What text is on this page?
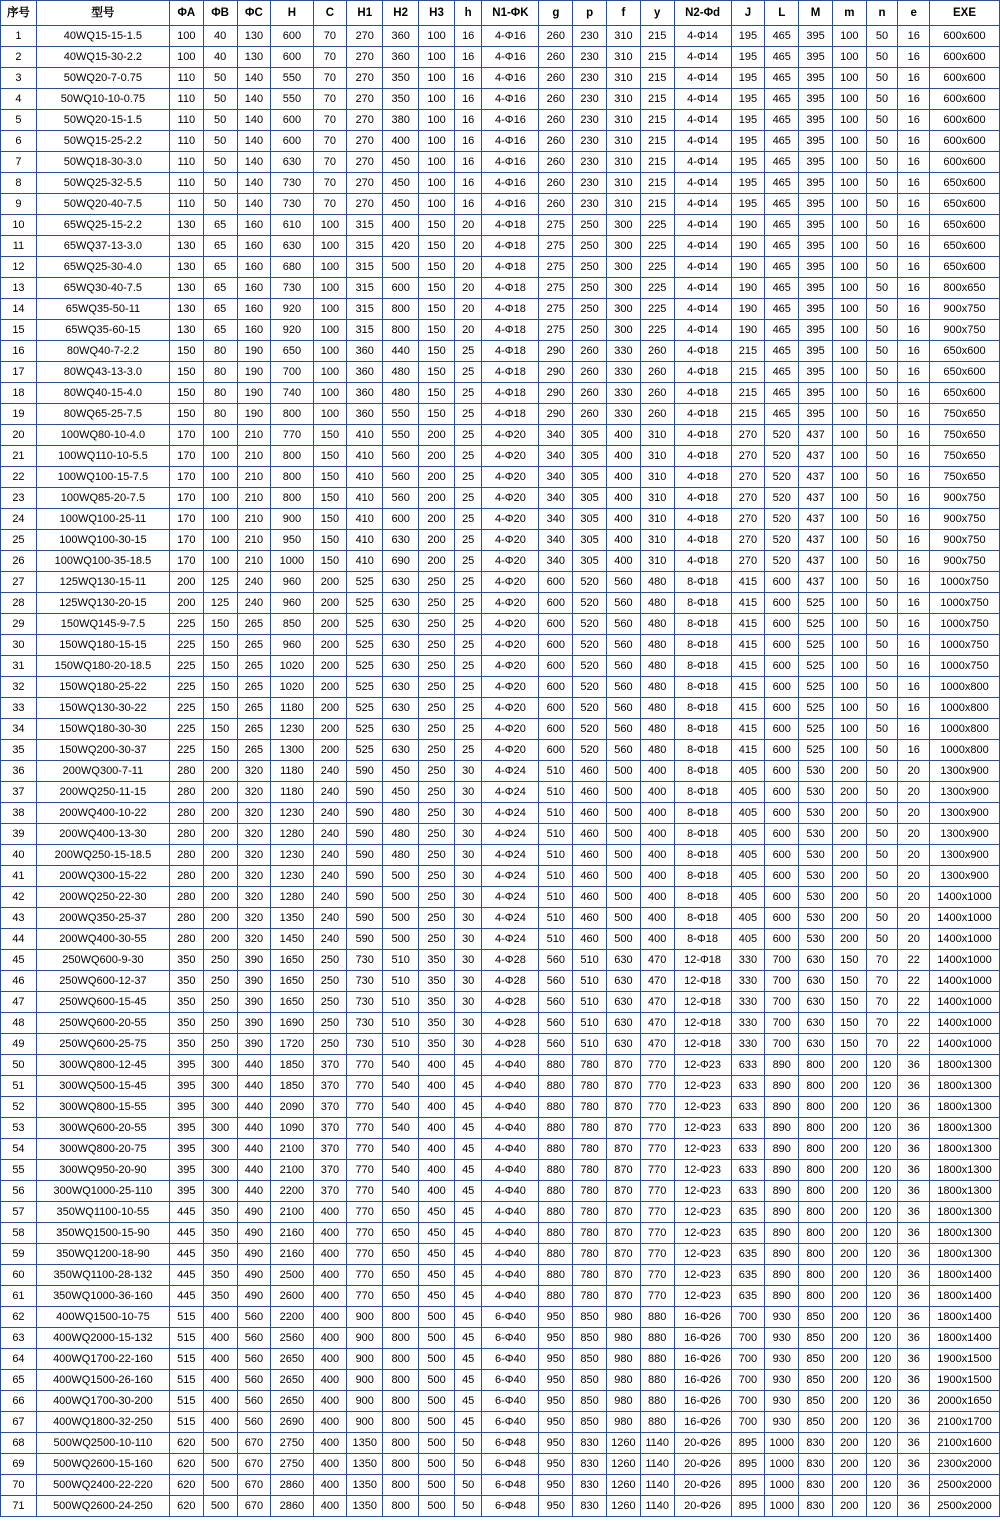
序号	型号	ΦA	ΦB	ΦC	H	C	H1	H2	H3	h	N1-ΦK	g	p	f	y	N2-Φd	J	L	M	m	n	e	EXE
1	40WQ15-15-1.5	100	40	130	600	70	270	360	100	16	4-Φ16	260	230	310	215	4-Φ14	195	465	395	100	50	16	600x600
2	40WQ15-30-2.2	100	40	130	600	70	270	360	100	16	4-Φ16	260	230	310	215	4-Φ14	195	465	395	100	50	16	600x600
3	50WQ20-7-0.75	110	50	140	550	70	270	350	100	16	4-Φ16	260	230	310	215	4-Φ14	195	465	395	100	50	16	600x600
4	50WQ10-10-0.75	110	50	140	550	70	270	350	100	16	4-Φ16	260	230	310	215	4-Φ14	195	465	395	100	50	16	600x600
5	50WQ20-15-1.5	110	50	140	600	70	270	380	100	16	4-Φ16	260	230	310	215	4-Φ14	195	465	395	100	50	16	600x600
6	50WQ15-25-2.2	110	50	140	600	70	270	400	100	16	4-Φ16	260	230	310	215	4-Φ14	195	465	395	100	50	16	600x600
7	50WQ18-30-3.0	110	50	140	630	70	270	450	100	16	4-Φ16	260	230	310	215	4-Φ14	195	465	395	100	50	16	600x600
8	50WQ25-32-5.5	110	50	140	730	70	270	450	100	16	4-Φ16	260	230	310	215	4-Φ14	195	465	395	100	50	16	650x600
9	50WQ20-40-7.5	110	50	140	730	70	270	450	100	16	4-Φ16	260	230	310	215	4-Φ14	195	465	395	100	50	16	650x600
10	65WQ25-15-2.2	130	65	160	610	100	315	400	150	20	4-Φ18	275	250	300	225	4-Φ14	190	465	395	100	50	16	650x600
11	65WQ37-13-3.0	130	65	160	630	100	315	420	150	20	4-Φ18	275	250	300	225	4-Φ14	190	465	395	100	50	16	650x600
12	65WQ25-30-4.0	130	65	160	680	100	315	500	150	20	4-Φ18	275	250	300	225	4-Φ14	190	465	395	100	50	16	650x600
13	65WQ30-40-7.5	130	65	160	730	100	315	600	150	20	4-Φ18	275	250	300	225	4-Φ14	190	465	395	100	50	16	800x650
14	65WQ35-50-11	130	65	160	920	100	315	800	150	20	4-Φ18	275	250	300	225	4-Φ14	190	465	395	100	50	16	900x750
15	65WQ35-60-15	130	65	160	920	100	315	800	150	20	4-Φ18	275	250	300	225	4-Φ14	190	465	395	100	50	16	900x750
16	80WQ40-7-2.2	150	80	190	650	100	360	440	150	25	4-Φ18	290	260	330	260	4-Φ18	215	465	395	100	50	16	650x600
17	80WQ43-13-3.0	150	80	190	700	100	360	480	150	25	4-Φ18	290	260	330	260	4-Φ18	215	465	395	100	50	16	650x600
18	80WQ40-15-4.0	150	80	190	740	100	360	480	150	25	4-Φ18	290	260	330	260	4-Φ18	215	465	395	100	50	16	650x600
19	80WQ65-25-7.5	150	80	190	800	100	360	550	150	25	4-Φ18	290	260	330	260	4-Φ18	215	465	395	100	50	16	750x650
20	100WQ80-10-4.0	170	100	210	770	150	410	550	200	25	4-Φ20	340	305	400	310	4-Φ18	270	520	437	100	50	16	750x650
21	100WQ110-10-5.5	170	100	210	800	150	410	560	200	25	4-Φ20	340	305	400	310	4-Φ18	270	520	437	100	50	16	750x650
22	100WQ100-15-7.5	170	100	210	800	150	410	560	200	25	4-Φ20	340	305	400	310	4-Φ18	270	520	437	100	50	16	750x650
23	100WQ85-20-7.5	170	100	210	800	150	410	560	200	25	4-Φ20	340	305	400	310	4-Φ18	270	520	437	100	50	16	900x750
24	100WQ100-25-11	170	100	210	900	150	410	600	200	25	4-Φ20	340	305	400	310	4-Φ18	270	520	437	100	50	16	900x750
25	100WQ100-30-15	170	100	210	950	150	410	630	200	25	4-Φ20	340	305	400	310	4-Φ18	270	520	437	100	50	16	900x750
26	100WQ100-35-18.5	170	100	210	1000	150	410	690	200	25	4-Φ20	340	305	400	310	4-Φ18	270	520	437	100	50	16	900x750
27	125WQ130-15-11	200	125	240	960	200	525	630	250	25	4-Φ20	600	520	560	480	8-Φ18	415	600	437	100	50	16	1000x750
28	125WQ130-20-15	200	125	240	960	200	525	630	250	25	4-Φ20	600	520	560	480	8-Φ18	415	600	525	100	50	16	1000x750
29	150WQ145-9-7.5	225	150	265	850	200	525	630	250	25	4-Φ20	600	520	560	480	8-Φ18	415	600	525	100	50	16	1000x750
30	150WQ180-15-15	225	150	265	960	200	525	630	250	25	4-Φ20	600	520	560	480	8-Φ18	415	600	525	100	50	16	1000x750
31	150WQ180-20-18.5	225	150	265	1020	200	525	630	250	25	4-Φ20	600	520	560	480	8-Φ18	415	600	525	100	50	16	1000x750
32	150WQ180-25-22	225	150	265	1020	200	525	630	250	25	4-Φ20	600	520	560	480	8-Φ18	415	600	525	100	50	16	1000x800
33	150WQ130-30-22	225	150	265	1180	200	525	630	250	25	4-Φ20	600	520	560	480	8-Φ18	415	600	525	100	50	16	1000x800
34	150WQ180-30-30	225	150	265	1230	200	525	630	250	25	4-Φ20	600	520	560	480	8-Φ18	415	600	525	100	50	16	1000x800
35	150WQ200-30-37	225	150	265	1300	200	525	630	250	25	4-Φ20	600	520	560	480	8-Φ18	415	600	525	100	50	16	1000x800
36	200WQ300-7-11	280	200	320	1180	240	590	450	250	30	4-Φ24	510	460	500	400	8-Φ18	405	600	530	200	50	20	1300x900
37	200WQ250-11-15	280	200	320	1180	240	590	450	250	30	4-Φ24	510	460	500	400	8-Φ18	405	600	530	200	50	20	1300x900
38	200WQ400-10-22	280	200	320	1230	240	590	480	250	30	4-Φ24	510	460	500	400	8-Φ18	405	600	530	200	50	20	1300x900
39	200WQ400-13-30	280	200	320	1280	240	590	480	250	30	4-Φ24	510	460	500	400	8-Φ18	405	600	530	200	50	20	1300x900
40	200WQ250-15-18.5	280	200	320	1230	240	590	480	250	30	4-Φ24	510	460	500	400	8-Φ18	405	600	530	200	50	20	1300x900
41	200WQ300-15-22	280	200	320	1230	240	590	500	250	30	4-Φ24	510	460	500	400	8-Φ18	405	600	530	200	50	20	1300x900
42	200WQ250-22-30	280	200	320	1280	240	590	500	250	30	4-Φ24	510	460	500	400	8-Φ18	405	600	530	200	50	20	1400x1000
43	200WQ350-25-37	280	200	320	1350	240	590	500	250	30	4-Φ24	510	460	500	400	8-Φ18	405	600	530	200	50	20	1400x1000
44	200WQ400-30-55	280	200	320	1450	240	590	500	250	30	4-Φ24	510	460	500	400	8-Φ18	405	600	530	200	50	20	1400x1000
45	250WQ600-9-30	350	250	390	1650	250	730	510	350	30	4-Φ28	560	510	630	470	12-Φ18	330	700	630	150	70	22	1400x1000
46	250WQ600-12-37	350	250	390	1650	250	730	510	350	30	4-Φ28	560	510	630	470	12-Φ18	330	700	630	150	70	22	1400x1000
47	250WQ600-15-45	350	250	390	1650	250	730	510	350	30	4-Φ28	560	510	630	470	12-Φ18	330	700	630	150	70	22	1400x1000
48	250WQ600-20-55	350	250	390	1690	250	730	510	350	30	4-Φ28	560	510	630	470	12-Φ18	330	700	630	150	70	22	1400x1000
49	250WQ600-25-75	350	250	390	1720	250	730	510	350	30	4-Φ28	560	510	630	470	12-Φ18	330	700	630	150	70	22	1400x1000
50	300WQ800-12-45	395	300	440	1850	370	770	540	400	45	4-Φ40	880	780	870	770	12-Φ23	633	890	800	200	120	36	1800x1300
51	300WQ500-15-45	395	300	440	1850	370	770	540	400	45	4-Φ40	880	780	870	770	12-Φ23	633	890	800	200	120	36	1800x1300
52	300WQ800-15-55	395	300	440	2090	370	770	540	400	45	4-Φ40	880	780	870	770	12-Φ23	633	890	800	200	120	36	1800x1300
53	300WQ600-20-55	395	300	440	1090	370	770	540	400	45	4-Φ40	880	780	870	770	12-Φ23	633	890	800	200	120	36	1800x1300
54	300WQ800-20-75	395	300	440	2100	370	770	540	400	45	4-Φ40	880	780	870	770	12-Φ23	633	890	800	200	120	36	1800x1300
55	300WQ950-20-90	395	300	440	2100	370	770	540	400	45	4-Φ40	880	780	870	770	12-Φ23	633	890	800	200	120	36	1800x1300
56	300WQ1000-25-110	395	300	440	2200	370	770	540	400	45	4-Φ40	880	780	870	770	12-Φ23	633	890	800	200	120	36	1800x1300
57	350WQ1100-10-55	445	350	490	2100	400	770	650	450	45	4-Φ40	880	780	870	770	12-Φ23	635	890	800	200	120	36	1800x1300
58	350WQ1500-15-90	445	350	490	2160	400	770	650	450	45	4-Φ40	880	780	870	770	12-Φ23	635	890	800	200	120	36	1800x1300
59	350WQ1200-18-90	445	350	490	2160	400	770	650	450	45	4-Φ40	880	780	870	770	12-Φ23	635	890	800	200	120	36	1800x1300
60	350WQ1100-28-132	445	350	490	2500	400	770	650	450	45	4-Φ40	880	780	870	770	12-Φ23	635	890	800	200	120	36	1800x1400
61	350WQ1000-36-160	445	350	490	2600	400	770	650	450	45	4-Φ40	880	780	870	770	12-Φ23	635	890	800	200	120	36	1800x1400
62	400WQ1500-10-75	515	400	560	2200	400	900	800	500	45	6-Φ40	950	850	980	880	16-Φ26	700	930	850	200	120	36	1800x1400
63	400WQ2000-15-132	515	400	560	2560	400	900	800	500	45	6-Φ40	950	850	980	880	16-Φ26	700	930	850	200	120	36	1800x1400
64	400WQ1700-22-160	515	400	560	2650	400	900	800	500	45	6-Φ40	950	850	980	880	16-Φ26	700	930	850	200	120	36	1900x1500
65	400WQ1500-26-160	515	400	560	2650	400	900	800	500	45	6-Φ40	950	850	980	880	16-Φ26	700	930	850	200	120	36	1900x1500
66	400WQ1700-30-200	515	400	560	2650	400	900	800	500	45	6-Φ40	950	850	980	880	16-Φ26	700	930	850	200	120	36	2000x1650
67	400WQ1800-32-250	515	400	560	2690	400	900	800	500	45	6-Φ40	950	850	980	880	16-Φ26	700	930	850	200	120	36	2100x1700
68	500WQ2500-10-110	620	500	670	2750	400	1350	800	500	50	6-Φ48	950	830	1260	1140	20-Φ26	895	1000	830	200	120	36	2100x1600
69	500WQ2600-15-160	620	500	670	2750	400	1350	800	500	50	6-Φ48	950	830	1260	1140	20-Φ26	895	1000	830	200	120	36	2300x2000
70	500WQ2400-22-220	620	500	670	2860	400	1350	800	500	50	6-Φ48	950	830	1260	1140	20-Φ26	895	1000	830	200	120	36	2500x2000
71	500WQ2600-24-250	620	500	670	2860	400	1350	800	500	50	6-Φ48	950	830	1260	1140	20-Φ26	895	1000	830	200	120	36	2500x2000
